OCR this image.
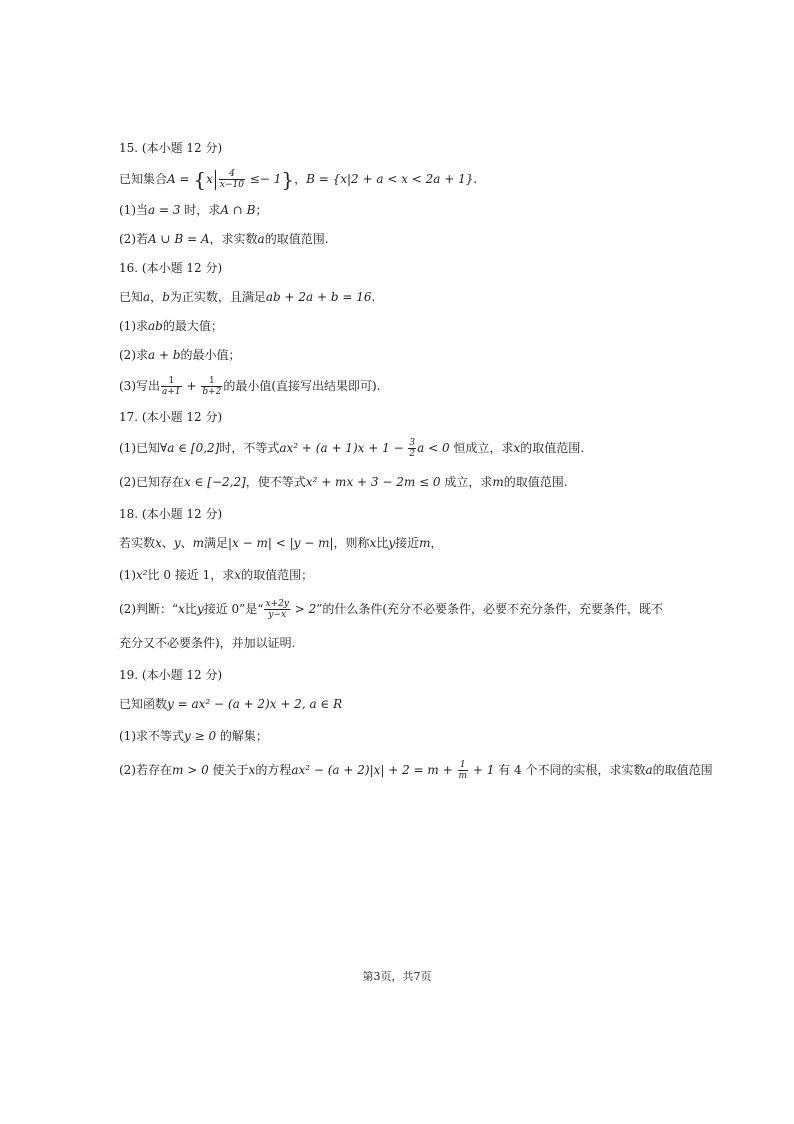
15. (本小题 12 分)
已知集合$A = \{x \frac{4}{x-10} \le- 1\}$，B = {x|2 + a < x < 2a + 1}.
(1)当a = 3 时，求A ∩ B；
(2)若A ∪ B = A，求实数a的取值范围.
16. (本小题 12 分)
已知a，b为正实数，且满足ab + 2a + b = 16.
(1)求ab的最大值；
(2)求a + b的最小值；
(3)写出 $\frac{1}{a+1} + \frac{1}{b+2}$ 的最小值(直接写出结果即可).
17. (本小题 12 分)
(1)已知∀a ∈ [0,2]时，不等式$ax^2 + (a + 1)x + 1 - \frac{3}{2}$ a < 0 恒成立，求x的取值范围.
(2)已知存在x ∈ [−2,2]，使不等式x² + mx + 3 − 2m ≤ 0 成立，求m的取值范围.
18. (本小题 12 分)
若实数x、y、m满足|x − m| < |y − m|，则称x比y接近m，
(1)x²比 0 接近 1，求x的取值范围；
(2)判断：“x比y接近 0”是“ $\frac{x+2y}{y-x} > 2$”的什么条件(充分不必要条件，必要不充分条件，充要条件，既不
充分又不必要条件)，并加以证明.
19. (本小题 12 分)
已知函数y = ax² − (a + 2)x + 2, a ∈ R
(1)求不等式y ≥ 0 的解集；
(2)若存在m > 0 使关于x的方程$ax^2 - (a + 2)|x| + 2 = m + \frac{1}{m} + 1$ 有 4 个不同的实根，求实数a的取值范围
第3页，共7页
